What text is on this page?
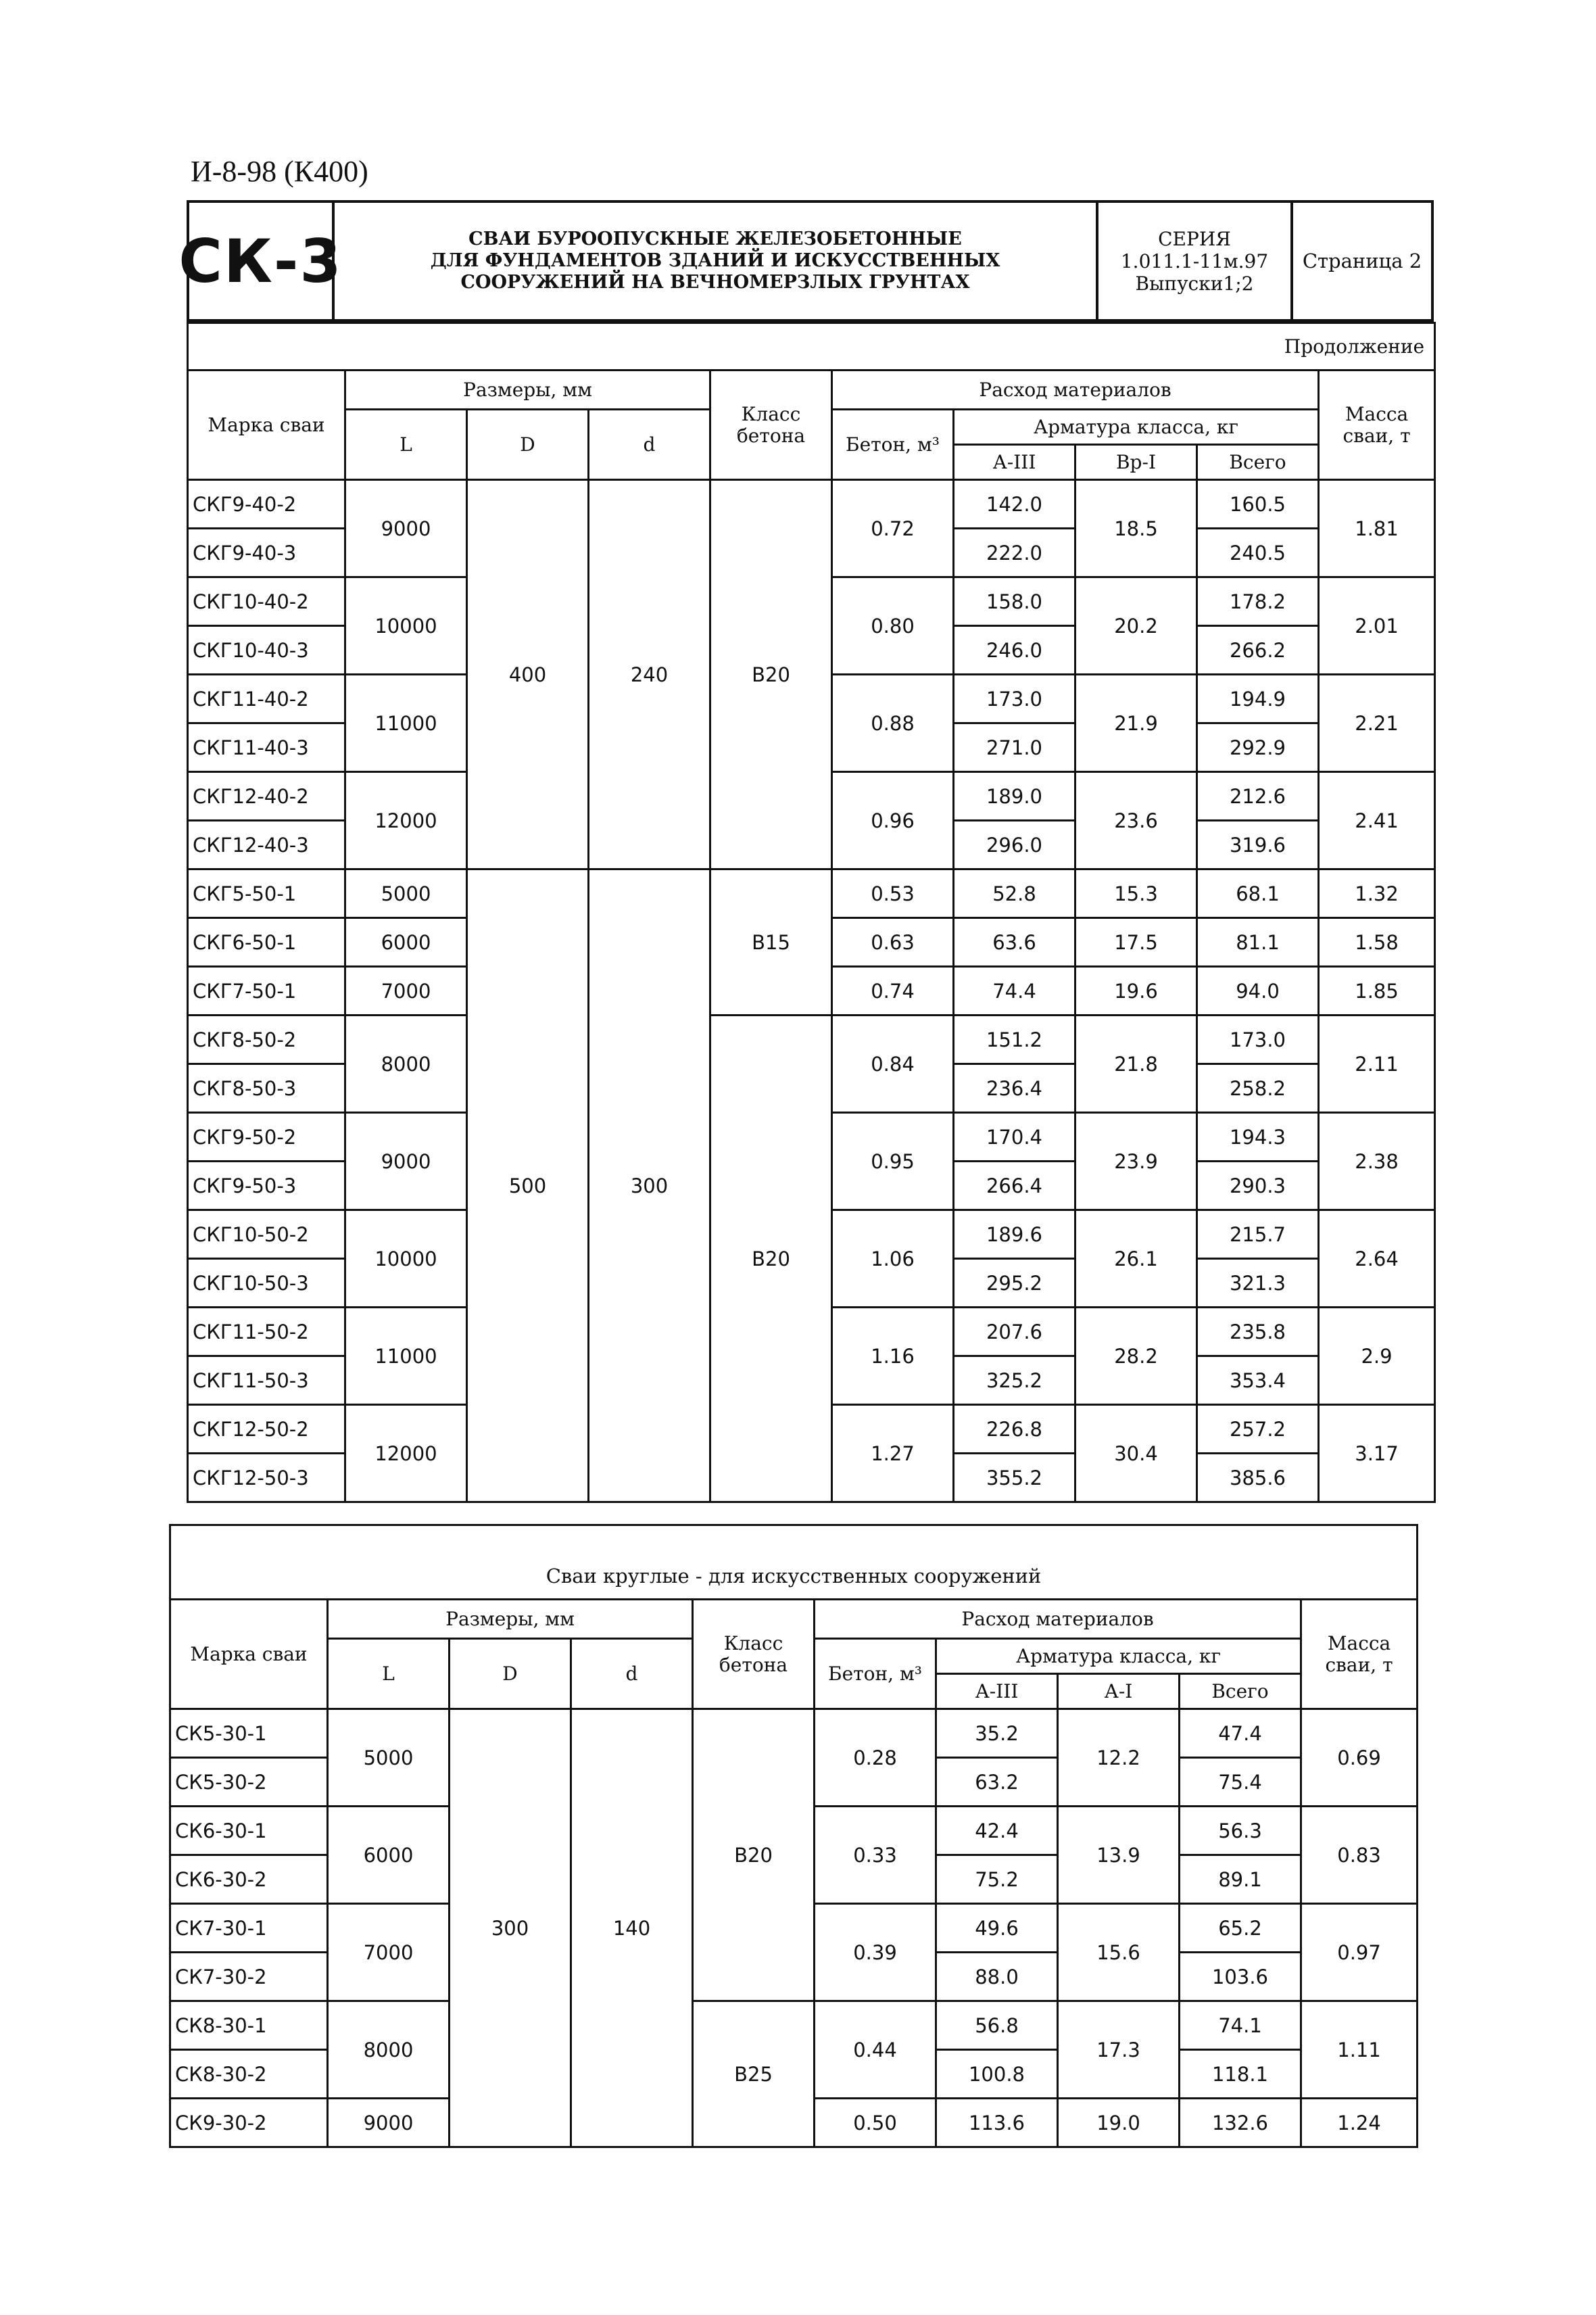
И-8-98 (К400)
СК-3	СВАИ БУРООПУСКНЫЕ ЖЕЛЕЗОБЕТОННЫЕ
ДЛЯ ФУНДАМЕНТОВ ЗДАНИЙ И ИСКУССТВЕННЫХ
СООРУЖЕНИЙ НА ВЕЧНОМЕРЗЛЫХ ГРУНТАХ
СЕРИЯ
1.011.1-11м.97
Выпуски1;2
Страница 2
Продолжение									
Марка сваи	Размеры, мм			Класс бетона	Расход материалов				Масса сваи, т
	L	D	d		Бетон, м³	Арматура класса, кг			
						А-III	Bp-I	Всего	
СКГ9-40-2	9000	400	240	B20	0.72	142.0	18.5	160.5	1.81
СКГ9-40-3						222.0		240.5	
СКГ10-40-2	10000				0.80	158.0	20.2	178.2	2.01
СКГ10-40-3						246.0		266.2	
СКГ11-40-2	11000				0.88	173.0	21.9	194.9	2.21
СКГ11-40-3						271.0		292.9	
СКГ12-40-2	12000				0.96	189.0	23.6	212.6	2.41
СКГ12-40-3						296.0		319.6	
СКГ5-50-1	5000	500	300	B15	0.53	52.8	15.3	68.1	1.32
СКГ6-50-1	6000				0.63	63.6	17.5	81.1	1.58
СКГ7-50-1	7000				0.74	74.4	19.6	94.0	1.85
СКГ8-50-2	8000			B20	0.84	151.2	21.8	173.0	2.11
СКГ8-50-3						236.4		258.2	
СКГ9-50-2	9000				0.95	170.4	23.9	194.3	2.38
СКГ9-50-3						266.4		290.3	
СКГ10-50-2	10000				1.06	189.6	26.1	215.7	2.64
СКГ10-50-3						295.2		321.3	
СКГ11-50-2	11000				1.16	207.6	28.2	235.8	2.9
СКГ11-50-3						325.2		353.4	
СКГ12-50-2	12000				1.27	226.8	30.4	257.2	3.17
СКГ12-50-3						355.2		385.6	
Сваи круглые - для искусственных сооружений									
Марка сваи	Размеры, мм			Класс бетона	Расход материалов				Масса сваи, т
	L	D	d		Бетон, м³	Арматура класса, кг			
						А-III	А-I	Всего	
СК5-30-1	5000	300	140	B20	0.28	35.2	12.2	47.4	0.69
СК5-30-2						63.2		75.4	
СК6-30-1	6000				0.33	42.4	13.9	56.3	0.83
СК6-30-2						75.2		89.1	
СК7-30-1	7000				0.39	49.6	15.6	65.2	0.97
СК7-30-2						88.0		103.6	
СК8-30-1	8000			B25	0.44	56.8	17.3	74.1	1.11
СК8-30-2						100.8		118.1	
СК9-30-2	9000				0.50	113.6	19.0	132.6	1.24
